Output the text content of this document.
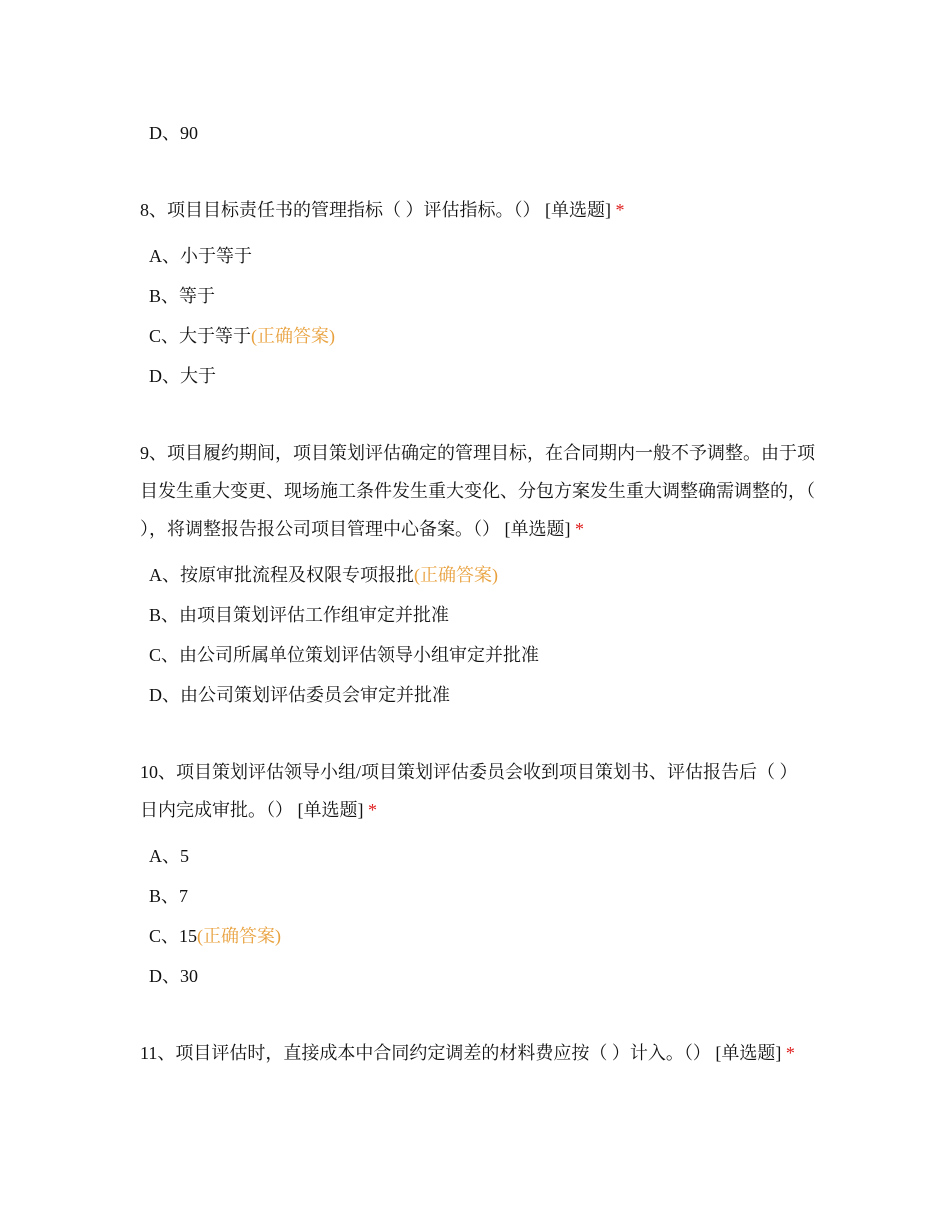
D、90
8、项目目标责任书的管理指标（ ）评估指标。（） [单选题] *
A、小于等于
B、等于
C、大于等于(正确答案)
D、大于
9、项目履约期间，项目策划评估确定的管理目标，在合同期内一般不予调整。由于项目发生重大变更、现场施工条件发生重大变化、分包方案发生重大调整确需调整的，（ ），将调整报告报公司项目管理中心备案。（） [单选题] *
A、按原审批流程及权限专项报批(正确答案)
B、由项目策划评估工作组审定并批准
C、由公司所属单位策划评估领导小组审定并批准
D、由公司策划评估委员会审定并批准
10、项目策划评估领导小组/项目策划评估委员会收到项目策划书、评估报告后（ ）日内完成审批。（） [单选题] *
A、5
B、7
C、15(正确答案)
D、30
11、项目评估时，直接成本中合同约定调差的材料费应按（ ）计入。（） [单选题] *
